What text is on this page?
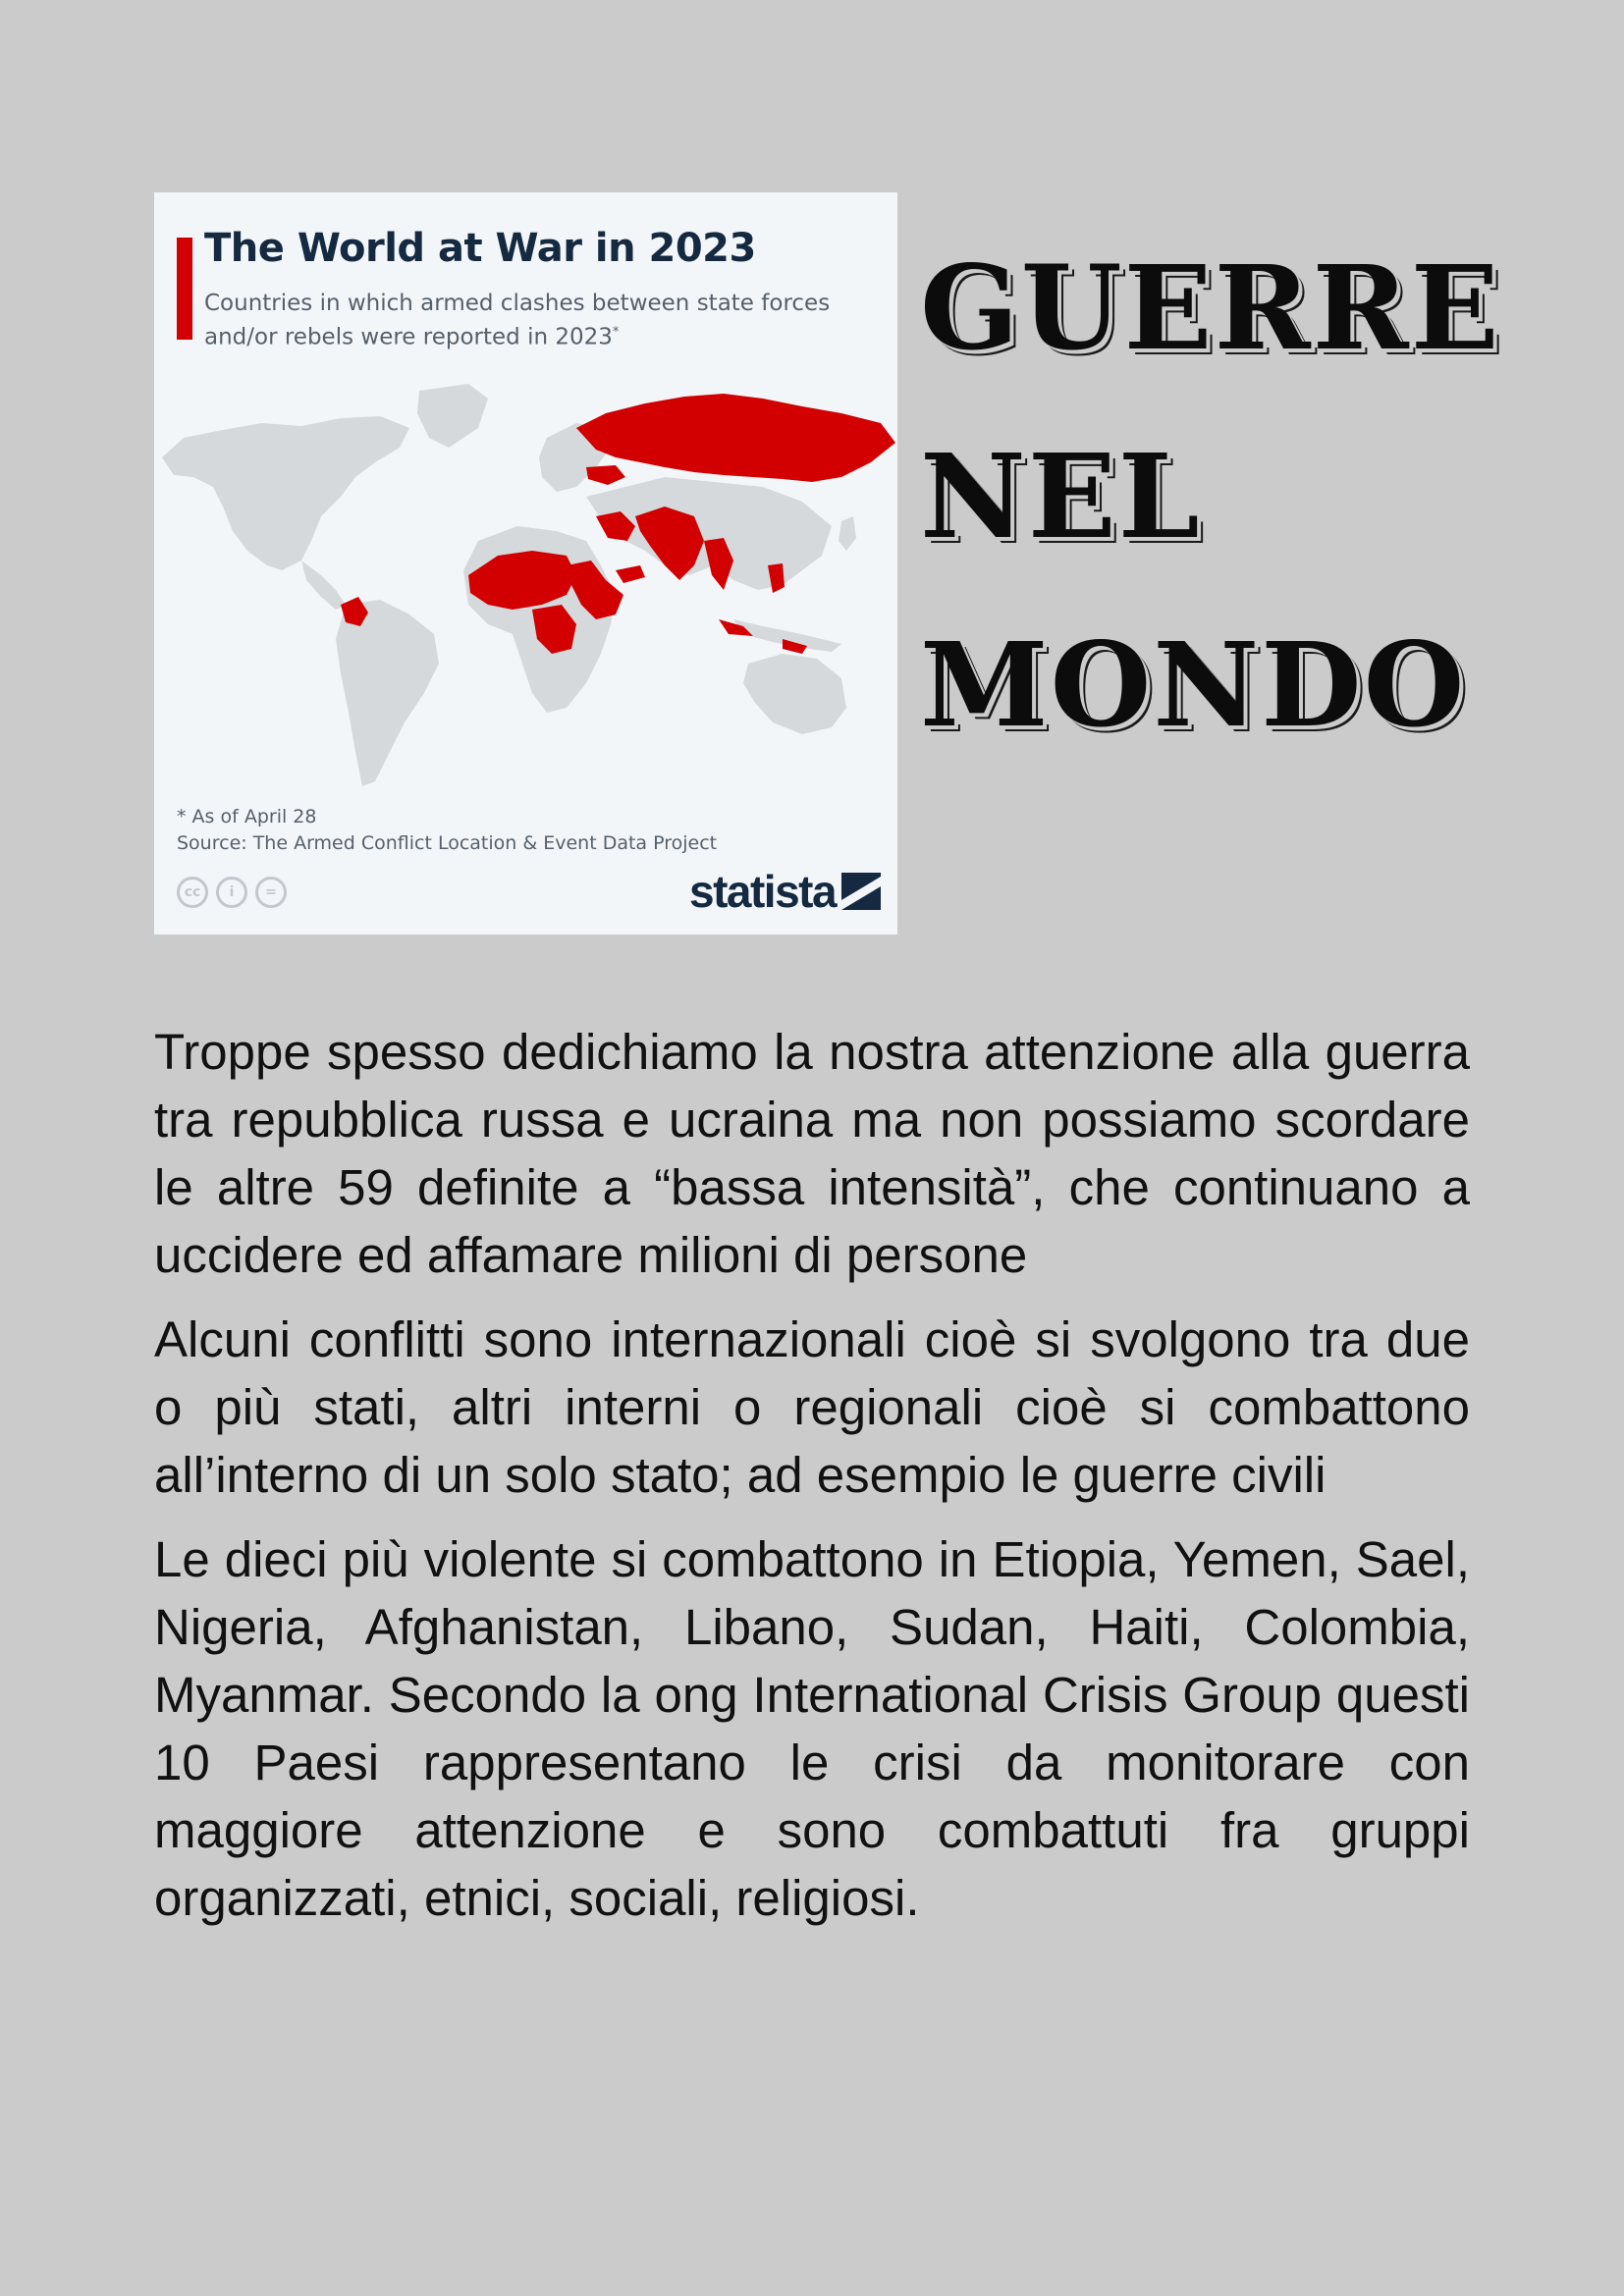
The World at War in 2023
Countries in which armed clashes between state forces and/or rebels were reported in 2023*
* As of April 28
Source: The Armed Conflict Location & Event Data Project
cc	i	=	statista
GUERRE
NEL
MONDO

Troppe spesso dedichiamo la nostra attenzione alla guerra tra repubblica russa e ucraina ma non possiamo scordare le altre 59 definite a “bassa intensità”, che continuano a uccidere ed affamare milioni di persone

Alcuni conflitti sono internazionali cioè si svolgono tra due o più stati, altri interni o regionali cioè si combattono all’interno di un solo stato; ad esempio le guerre civili

Le dieci più violente si combattono in Etiopia, Yemen, Sael, Nigeria, Afghanistan, Libano, Sudan, Haiti, Colombia, Myanmar. Secondo la ong International Crisis Group questi 10 Paesi rappresentano le crisi da monitorare con maggiore attenzione e sono combattuti fra gruppi organizzati, etnici, sociali, religiosi.
